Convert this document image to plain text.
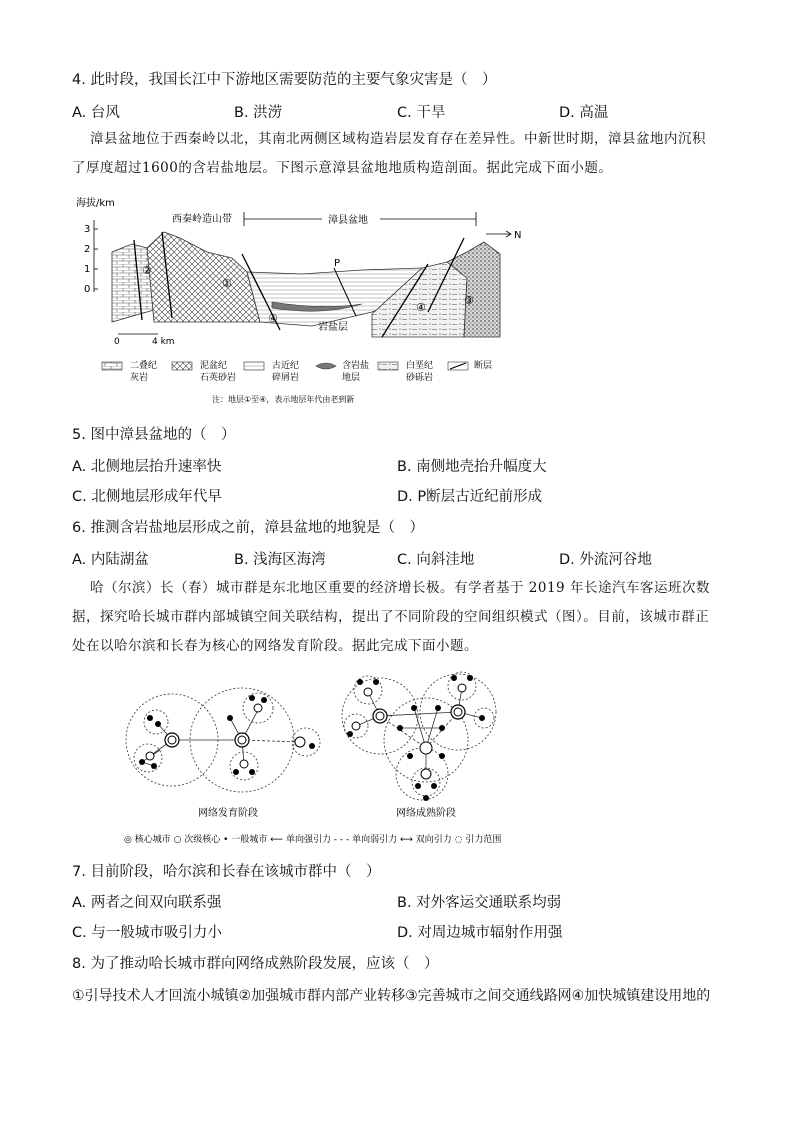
4. 此时段，我国长江中下游地区需要防范的主要气象灾害是（　）
A. 台风	B. 洪涝	C. 干旱	D. 高温
漳县盆地位于西秦岭以北，其南北两侧区域构造岩层发育存在差异性。中新世时期，漳县盆地内沉积
了厚度超过1600的含岩盐地层。下图示意漳县盆地地质构造剖面。据此完成下面小题。
海拔/km
3
2
1
0
西秦岭造山带	漳县盆地
N
P
岩盐层
①
②
③
④
④
0	4 km
二叠纪
灰岩
泥盆纪
石英砂岩
古近纪
碎屑岩
含岩盐
地层
白垩纪
砂砾岩
断层
注：地层①至④，表示地层年代由老到新
5. 图中漳县盆地的（　）
A. 北侧地层抬升速率快	B. 南侧地壳抬升幅度大
C. 北侧地层形成年代早	D. P断层古近纪前形成
6. 推测含岩盐地层形成之前，漳县盆地的地貌是（　）
A. 内陆湖盆	B. 浅海区海湾	C. 向斜洼地	D. 外流河谷地
哈（尔滨）长（春）城市群是东北地区重要的经济增长极。有学者基于 2019 年长途汽车客运班次数
据，探究哈长城市群内部城镇空间关联结构，提出了不同阶段的空间组织模式（图）。目前，该城市群正
处在以哈尔滨和长春为核心的网络发育阶段。据此完成下面小题。
网络发育阶段	网络成熟阶段
◎ 核心城市 ○ 次级核心 • 一般城市 ⟵ 单向强引力 - - - 单向弱引力 ⟷ 双向引力 ◌ 引力范围
7. 目前阶段，哈尔滨和长春在该城市群中（　）
A. 两者之间双向联系强	B. 对外客运交通联系均弱
C. 与一般城市吸引力小	D. 对周边城市辐射作用强
8. 为了推动哈长城市群向网络成熟阶段发展，应该（　）
①引导技术人才回流小城镇②加强城市群内部产业转移③完善城市之间交通线路网④加快城镇建设用地的
